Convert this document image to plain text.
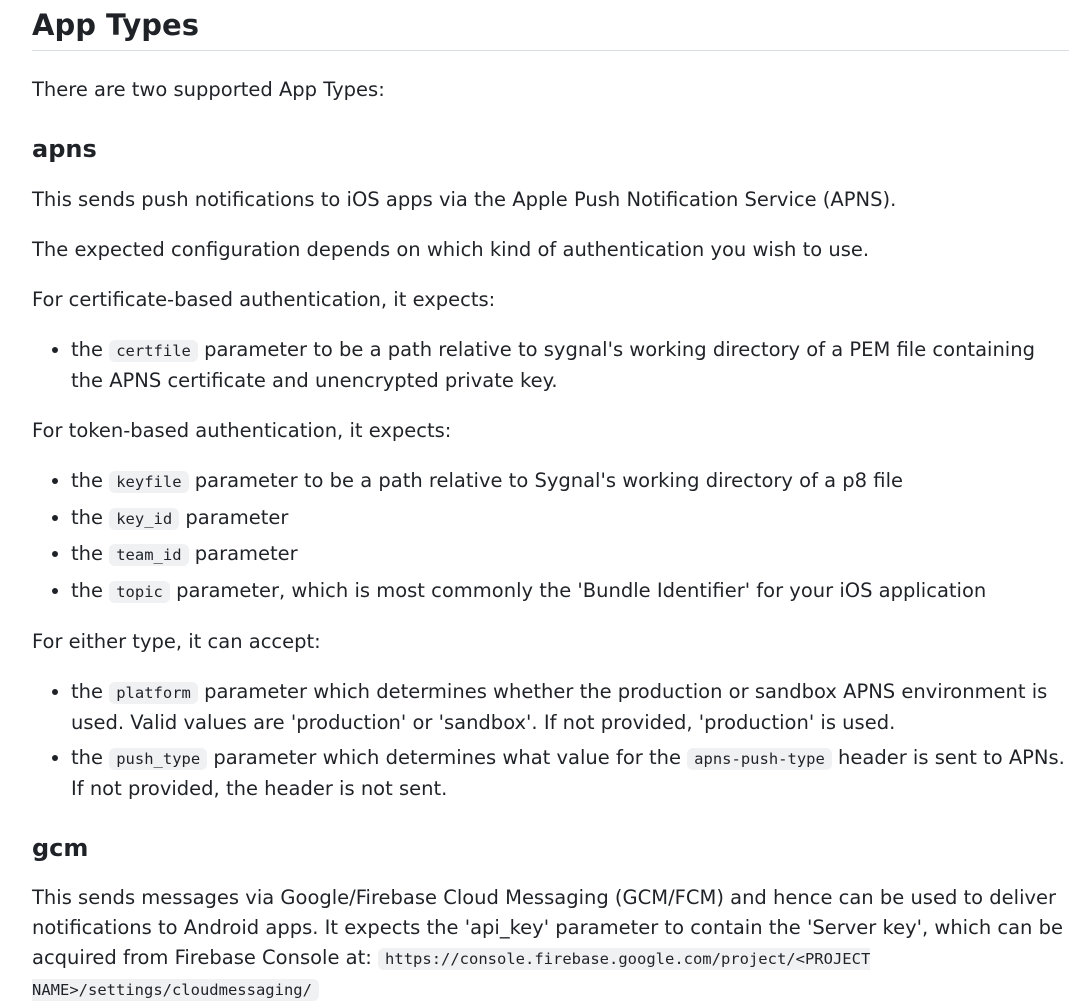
App Types

There are two supported App Types:

apns

This sends push notifications to iOS apps via the Apple Push Notification Service (APNS).

The expected configuration depends on which kind of authentication you wish to use.

For certificate-based authentication, it expects:

• the certfile parameter to be a path relative to sygnal's working directory of a PEM file containing the APNS certificate and unencrypted private key.

For token-based authentication, it expects:

• the keyfile parameter to be a path relative to Sygnal's working directory of a p8 file
• the key_id parameter
• the team_id parameter
• the topic parameter, which is most commonly the 'Bundle Identifier' for your iOS application

For either type, it can accept:

• the platform parameter which determines whether the production or sandbox APNS environment is used. Valid values are 'production' or 'sandbox'. If not provided, 'production' is used.
• the push_type parameter which determines what value for the apns-push-type header is sent to APNs. If not provided, the header is not sent.
gcm

This sends messages via Google/Firebase Cloud Messaging (GCM/FCM) and hence can be used to deliver notifications to Android apps. It expects the 'api_key' parameter to contain the 'Server key', which can be acquired from Firebase Console at: https://console.firebase.google.com/project/<PROJECT NAME>/settings/cloudmessaging/
